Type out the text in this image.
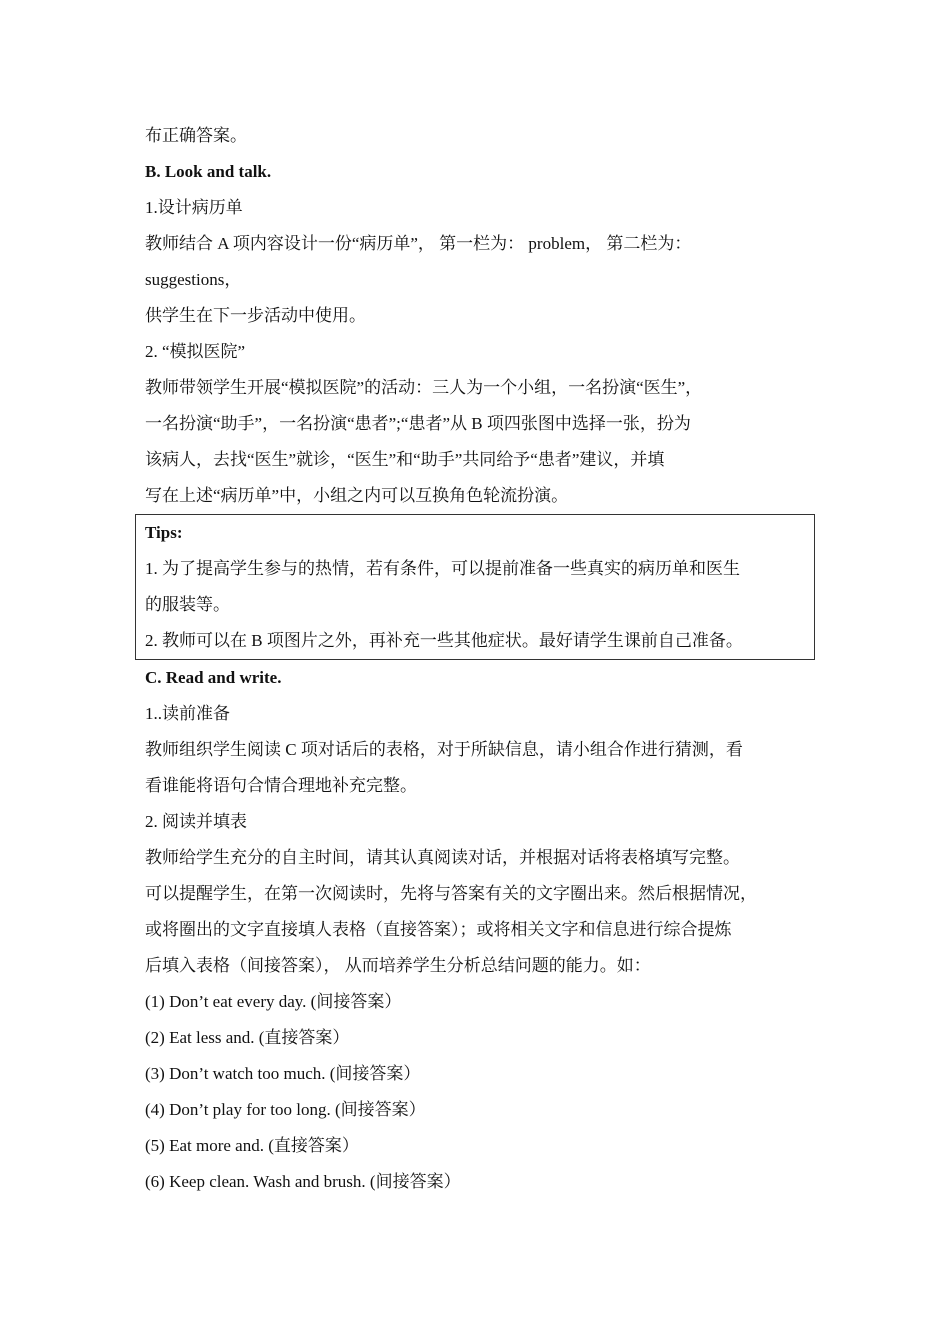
布正确答案。
B. Look and talk.
1.设计病历单
教师结合 A 项内容设计一份“病历单”， 第一栏为： problem， 第二栏为：
suggestions，
供学生在下一步活动中使用。
2. “模拟医院”
教师带领学生开展“模拟医院”的活动：三人为一个小组，一名扮演“医生”，
一名扮演“助手”，一名扮演“患者”;“患者”从 B 项四张图中选择一张，扮为
该病人，去找“医生”就诊，“医生”和“助手”共同给予“患者”建议，并填
写在上述“病历单”中，小组之内可以互换角色轮流扮演。
Tips:
1. 为了提高学生参与的热情，若有条件，可以提前准备一些真实的病历单和医生
的服装等。
2. 教师可以在 B 项图片之外，再补充一些其他症状。最好请学生课前自己准备。
C. Read and write.
1..读前准备
教师组织学生阅读 C 项对话后的表格，对于所缺信息，请小组合作进行猜测，看
看谁能将语句合情合理地补充完整。
2. 阅读并填表
教师给学生充分的自主时间，请其认真阅读对话，并根据对话将表格填写完整。
可以提醒学生，在第一次阅读时，先将与答案有关的文字圈出来。然后根据情况，
或将圈出的文字直接填人表格（直接答案）；或将相关文字和信息进行综合提炼
后填入表格（间接答案）， 从而培养学生分析总结问题的能力。如：
(1) Don’t eat every day. (间接答案）
(2) Eat less and. (直接答案）
(3) Don’t watch too much. (间接答案）
(4) Don’t play for too long. (间接答案）
(5) Eat more and. (直接答案）
(6) Keep clean. Wash and brush. (间接答案）
